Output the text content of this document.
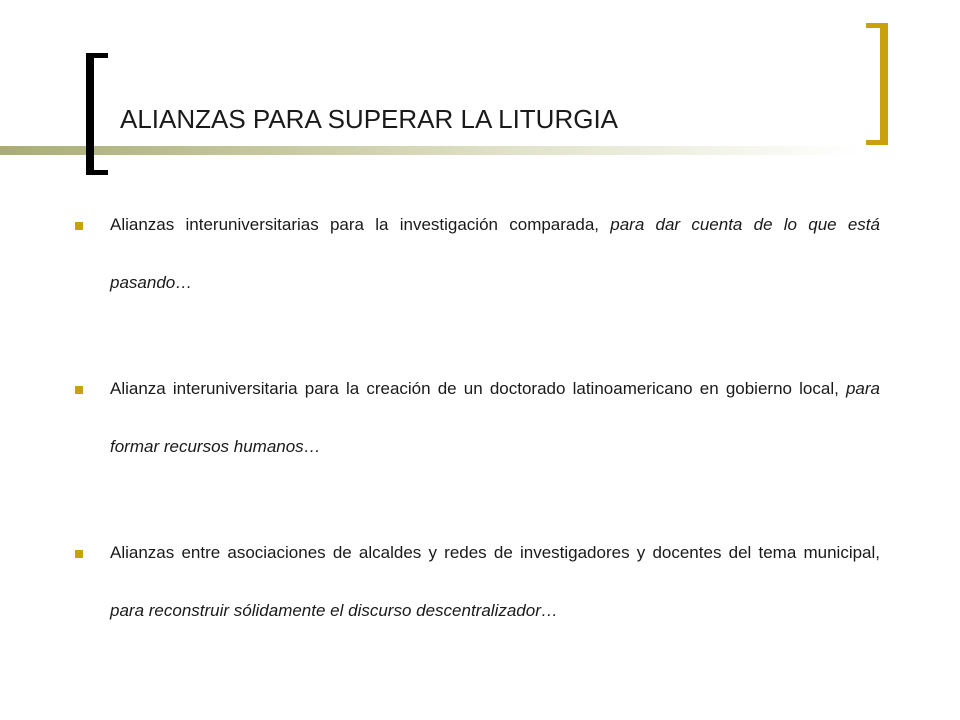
ALIANZAS PARA SUPERAR LA LITURGIA
Alianzas interuniversitarias para la investigación comparada, para dar cuenta de lo que está pasando…
Alianza interuniversitaria para la creación de un doctorado latinoamericano en gobierno local, para formar recursos humanos…
Alianzas entre asociaciones de alcaldes y redes de investigadores y docentes del tema municipal, para reconstruir sólidamente el discurso descentralizador…
